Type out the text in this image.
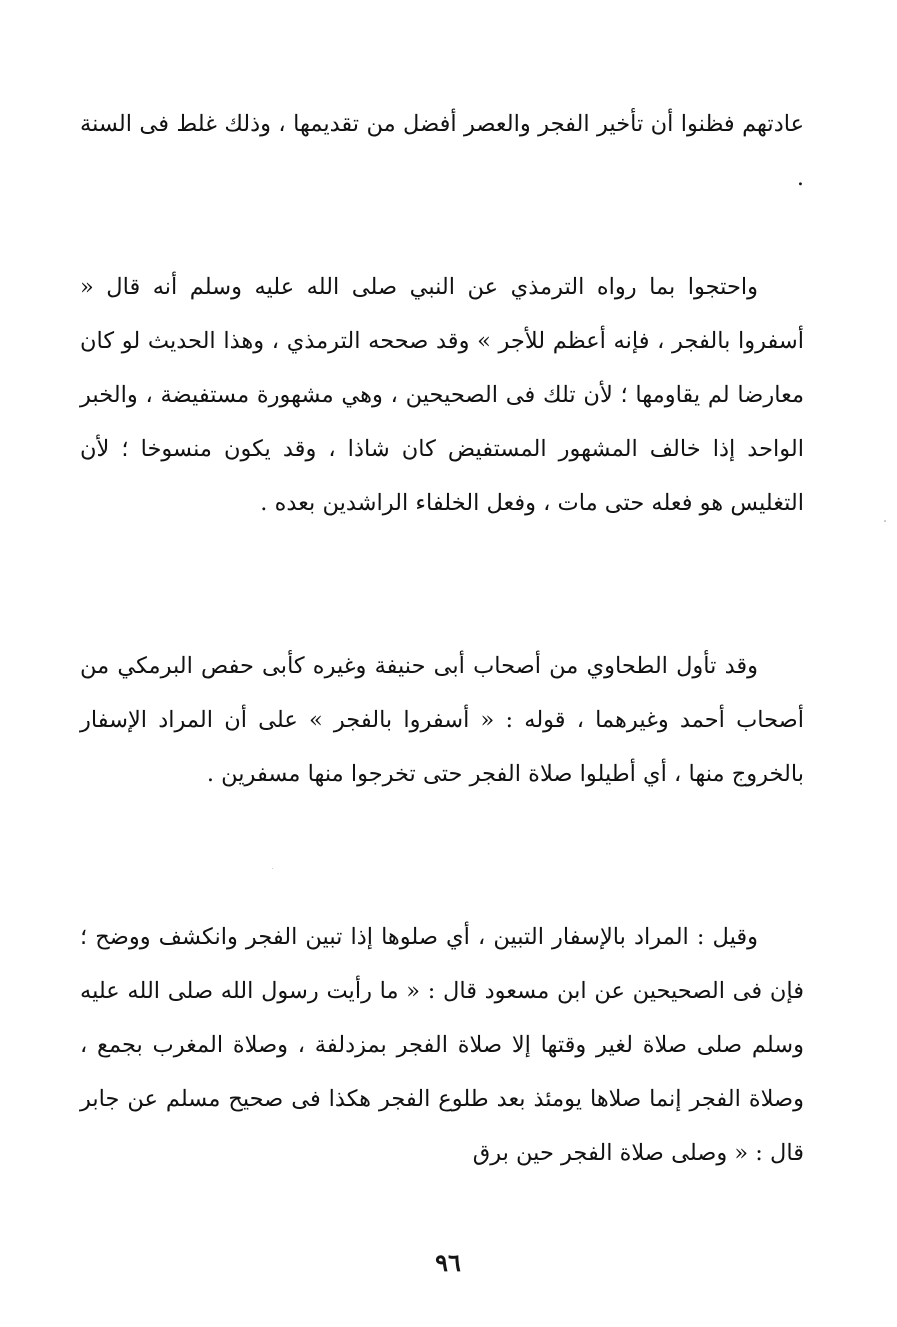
عادتهم فظنوا أن تأخير الفجر والعصر أفضل من تقديمها ، وذلك غلط فى السنة .

واحتجوا بما رواه الترمذي عن النبي صلى الله عليه وسلم أنه قال « أسفروا بالفجر ، فإنه أعظم للأجر » وقد صححه الترمذي ، وهذا الحديث لو كان معارضا لم يقاومها ؛ لأن تلك فى الصحيحين ، وهي مشهورة مستفيضة ، والخبر الواحد إذا خالف المشهور المستفيض كان شاذا ، وقد يكون منسوخا ؛ لأن التغليس هو فعله حتى مات ، وفعل الخلفاء الراشدين بعده .

وقد تأول الطحاوي من أصحاب أبى حنيفة وغيره كأبى حفص البرمكي من أصحاب أحمد وغيرهما ، قوله : « أسفروا بالفجر » على أن المراد الإسفار بالخروج منها ، أي أطيلوا صلاة الفجر حتى تخرجوا منها مسفرين .

وقيل : المراد بالإسفار التبين ، أي صلوها إذا تبين الفجر وانكشف ووضح ؛ فإن فى الصحيحين عن ابن مسعود قال : « ما رأيت رسول الله صلى الله عليه وسلم صلى صلاة لغير وقتها إلا صلاة الفجر بمزدلفة ، وصلاة المغرب بجمع ، وصلاة الفجر إنما صلاها يومئذ بعد طلوع الفجر هكذا فى صحيح مسلم عن جابر قال : « وصلى صلاة الفجر حين برق

٩٦
